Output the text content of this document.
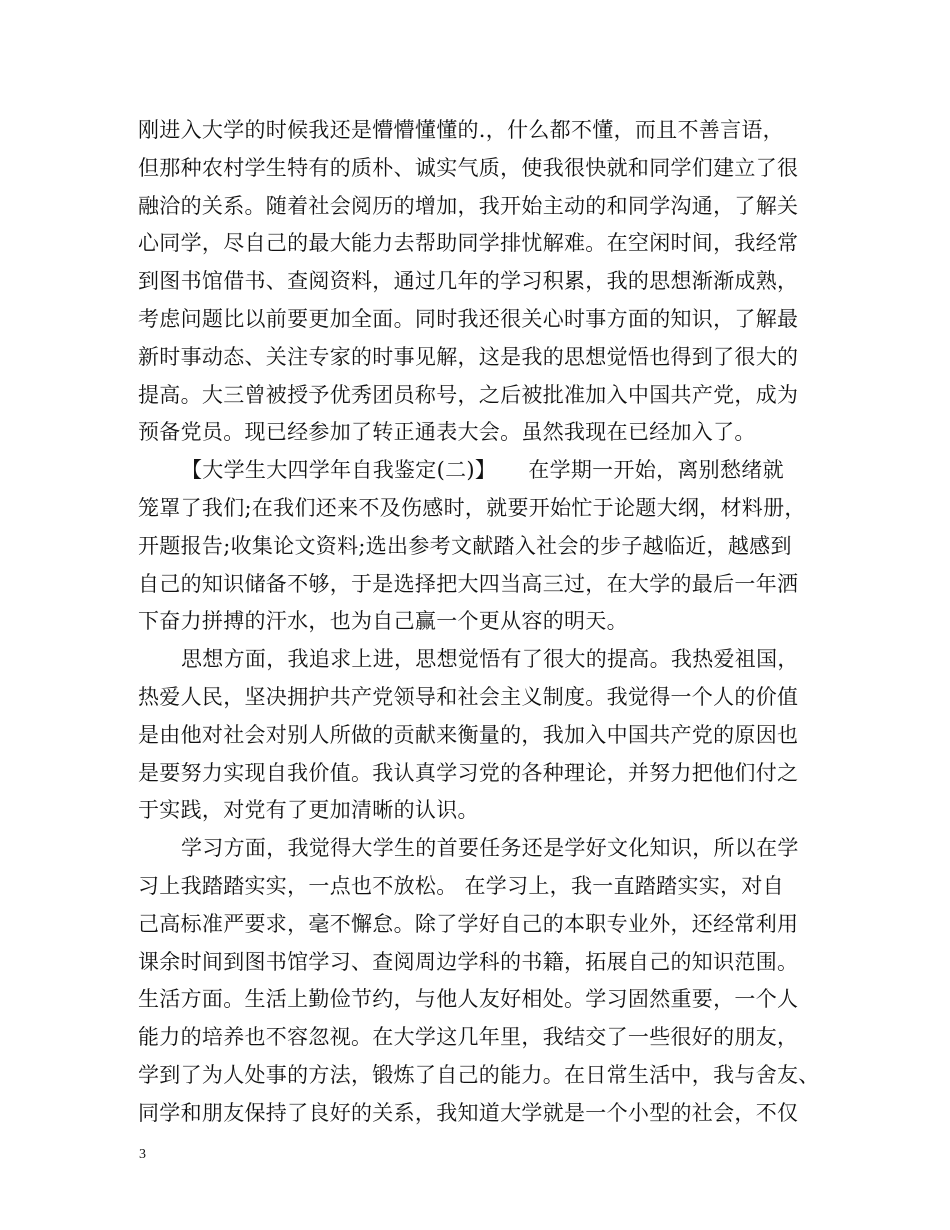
刚进入大学的时候我还是懵懵懂懂的.，什么都不懂，而且不善言语，
但那种农村学生特有的质朴、诚实气质，使我很快就和同学们建立了很
融洽的关系。随着社会阅历的增加，我开始主动的和同学沟通，了解关
心同学，尽自己的最大能力去帮助同学排忧解难。在空闲时间，我经常
到图书馆借书、查阅资料，通过几年的学习积累，我的思想渐渐成熟，
考虑问题比以前要更加全面。同时我还很关心时事方面的知识，了解最
新时事动态、关注专家的时事见解，这是我的思想觉悟也得到了很大的
提高。大三曾被授予优秀团员称号，之后被批准加入中国共产党，成为
预备党员。现已经参加了转正通表大会。虽然我现在已经加入了。
【大学生大四学年自我鉴定(二)】　　在学期一开始，离别愁绪就
笼罩了我们;在我们还来不及伤感时，就要开始忙于论题大纲，材料册，
开题报告;收集论文资料;选出参考文献踏入社会的步子越临近，越感到
自己的知识储备不够，于是选择把大四当高三过，在大学的最后一年洒
下奋力拼搏的汗水，也为自己赢一个更从容的明天。
思想方面，我追求上进，思想觉悟有了很大的提高。我热爱祖国，
热爱人民，坚决拥护共产党领导和社会主义制度。我觉得一个人的价值
是由他对社会对别人所做的贡献来衡量的，我加入中国共产党的原因也
是要努力实现自我价值。我认真学习党的各种理论，并努力把他们付之
于实践，对党有了更加清晰的认识。
学习方面，我觉得大学生的首要任务还是学好文化知识，所以在学
习上我踏踏实实，一点也不放松。 在学习上，我一直踏踏实实，对自
己高标准严要求，毫不懈怠。除了学好自己的本职专业外，还经常利用
课余时间到图书馆学习、查阅周边学科的书籍，拓展自己的知识范围。
生活方面。生活上勤俭节约，与他人友好相处。学习固然重要，一个人
能力的培养也不容忽视。在大学这几年里，我结交了一些很好的朋友，
学到了为人处事的方法，锻炼了自己的能力。在日常生活中，我与舍友、
同学和朋友保持了良好的关系，我知道大学就是一个小型的社会，不仅
3
